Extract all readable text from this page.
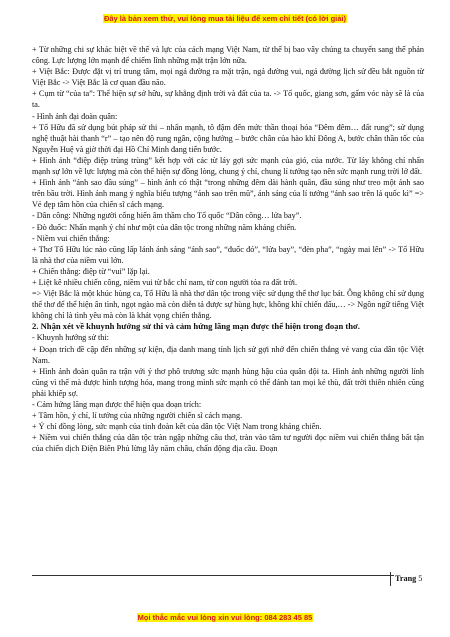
Đây là bản xem thử, vui lòng mua tài liệu để xem chi tiết (có lời giải)

+ Từ những chi sự khác biệt về thế và lực của cách mạng Việt Nam, từ thế bị bao vây chúng ta chuyển sang thế phản công. Lực lượng lớn mạnh để chiếm lĩnh những mặt trận lớn nữa.

+ Việt Bắc: Được đặt vị trí trung tâm, mọi ngả đường ra mặt trận, ngả đường vui, ngả đường lịch sử đều bắt nguồn từ Việt Bắc -> Việt Bắc là cơ quan đầu não.

+ Cụm từ “của ta”: Thể hiện sự sở hữu, sự khẳng định trời và đất của ta. -> Tổ quốc, giang sơn, gấm vóc này sẽ là của ta.

- Hình ảnh đại đoàn quân:

+ Tố Hữu đã sử dụng bút pháp sử thi – nhấn mạnh, tô đậm đến mức thần thoại hóa “Đêm đêm… đất rung”; sử dụng nghệ thuật hài thanh “r” – tạo nên độ rung ngân, cộng hưởng – bước chân của hào khí Đông A, bước chân thần tốc của Nguyễn Huệ và giờ thời đại Hồ Chí Minh đang tiến bước.

+ Hình ảnh “điệp điệp trùng trùng” kết hợp với các từ láy gợi sức mạnh của gió, của nước. Từ láy không chỉ nhấn mạnh sự lớn về lực lượng mà còn thể hiện sự đồng lòng, chung ý chí, chung lí tưởng tạo nên sức mạnh rung trời lở đất.

+ Hình ảnh “ánh sao đầu súng” – hình ảnh có thật “trong những đêm dài hành quân, đầu súng như treo một ánh sao trên bầu trời. Hình ảnh mang ý nghĩa biểu tượng “ánh sao trên mũ”, ánh sáng của lí tưởng “ánh sao trên lá quốc kì” => Vẻ đẹp tâm hồn của chiến sĩ cách mạng.

- Dân công: Những người cống hiến âm thầm cho Tổ quốc “Dân công… lửa bay”.

- Đò đuốc: Nhấn mạnh ý chí như một của dân tộc trong những năm kháng chiến.

- Niềm vui chiến thắng:

+ Thơ Tố Hữu lúc nào cũng lấp lánh ánh sáng “ánh sao”, “đuốc đỏ”, “lửa bay”, “đèn pha”, “ngày mai lên” -> Tố Hữu là nhà thơ của niềm vui lớn.

+ Chiến thắng: điệp từ “vui” lặp lại.

+ Liệt kê nhiều chiến công, niềm vui từ bắc chí nam, từ con người tỏa ra đất trời.

=> Việt Bắc là một khúc hùng ca, Tố Hữu là nhà thơ dân tộc trong việc sử dụng thể thơ lục bát. Ông không chỉ sử dụng thể thơ để thể hiện ân tình, ngọt ngào mà còn diễn tả được sự hùng hực, không khí chiến đấu,… -> Ngôn ngữ tiếng Việt không chỉ là tình yêu mà còn là khát vọng chiến thắng.

2. Nhận xét về khuynh hướng sử thi và cảm hứng lãng mạn được thể hiện trong đoạn thơ.

- Khuynh hướng sử thi:

+ Đoạn trích đề cập đến những sự kiện, địa danh mang tính lịch sử gợi nhớ đến chiến thắng vẻ vang của dân tộc Việt Nam.

+ Hình ảnh đoàn quân ra trận với ý thơ phô trương sức mạnh hùng hậu của quân đội ta. Hình ảnh những người lính cũng vì thế mà được hình tượng hóa, mang trong mình sức mạnh có thể đánh tan mọi kẻ thù, đất trời thiên nhiên cũng phải khiếp sợ.

- Cảm hứng lãng mạn được thể hiện qua đoạn trích:

+ Tâm hồn, ý chí, lí tưởng của những người chiến sĩ cách mạng.

+ Ý chí đồng lòng, sức mạnh của tinh đoàn kết của dân tộc Việt Nam trong kháng chiến.

+ Niềm vui chiến thắng của dân tộc tràn ngập những câu thơ, tràn vào tâm tư người đọc niềm vui chiến thắng bất tận của chiến dịch Điện Biên Phủ lừng lẫy năm châu, chấn động địa cầu. Đoạn

Trang 5
Mọi thắc mắc vui lòng xin vui lòng: 084 283 45 85
